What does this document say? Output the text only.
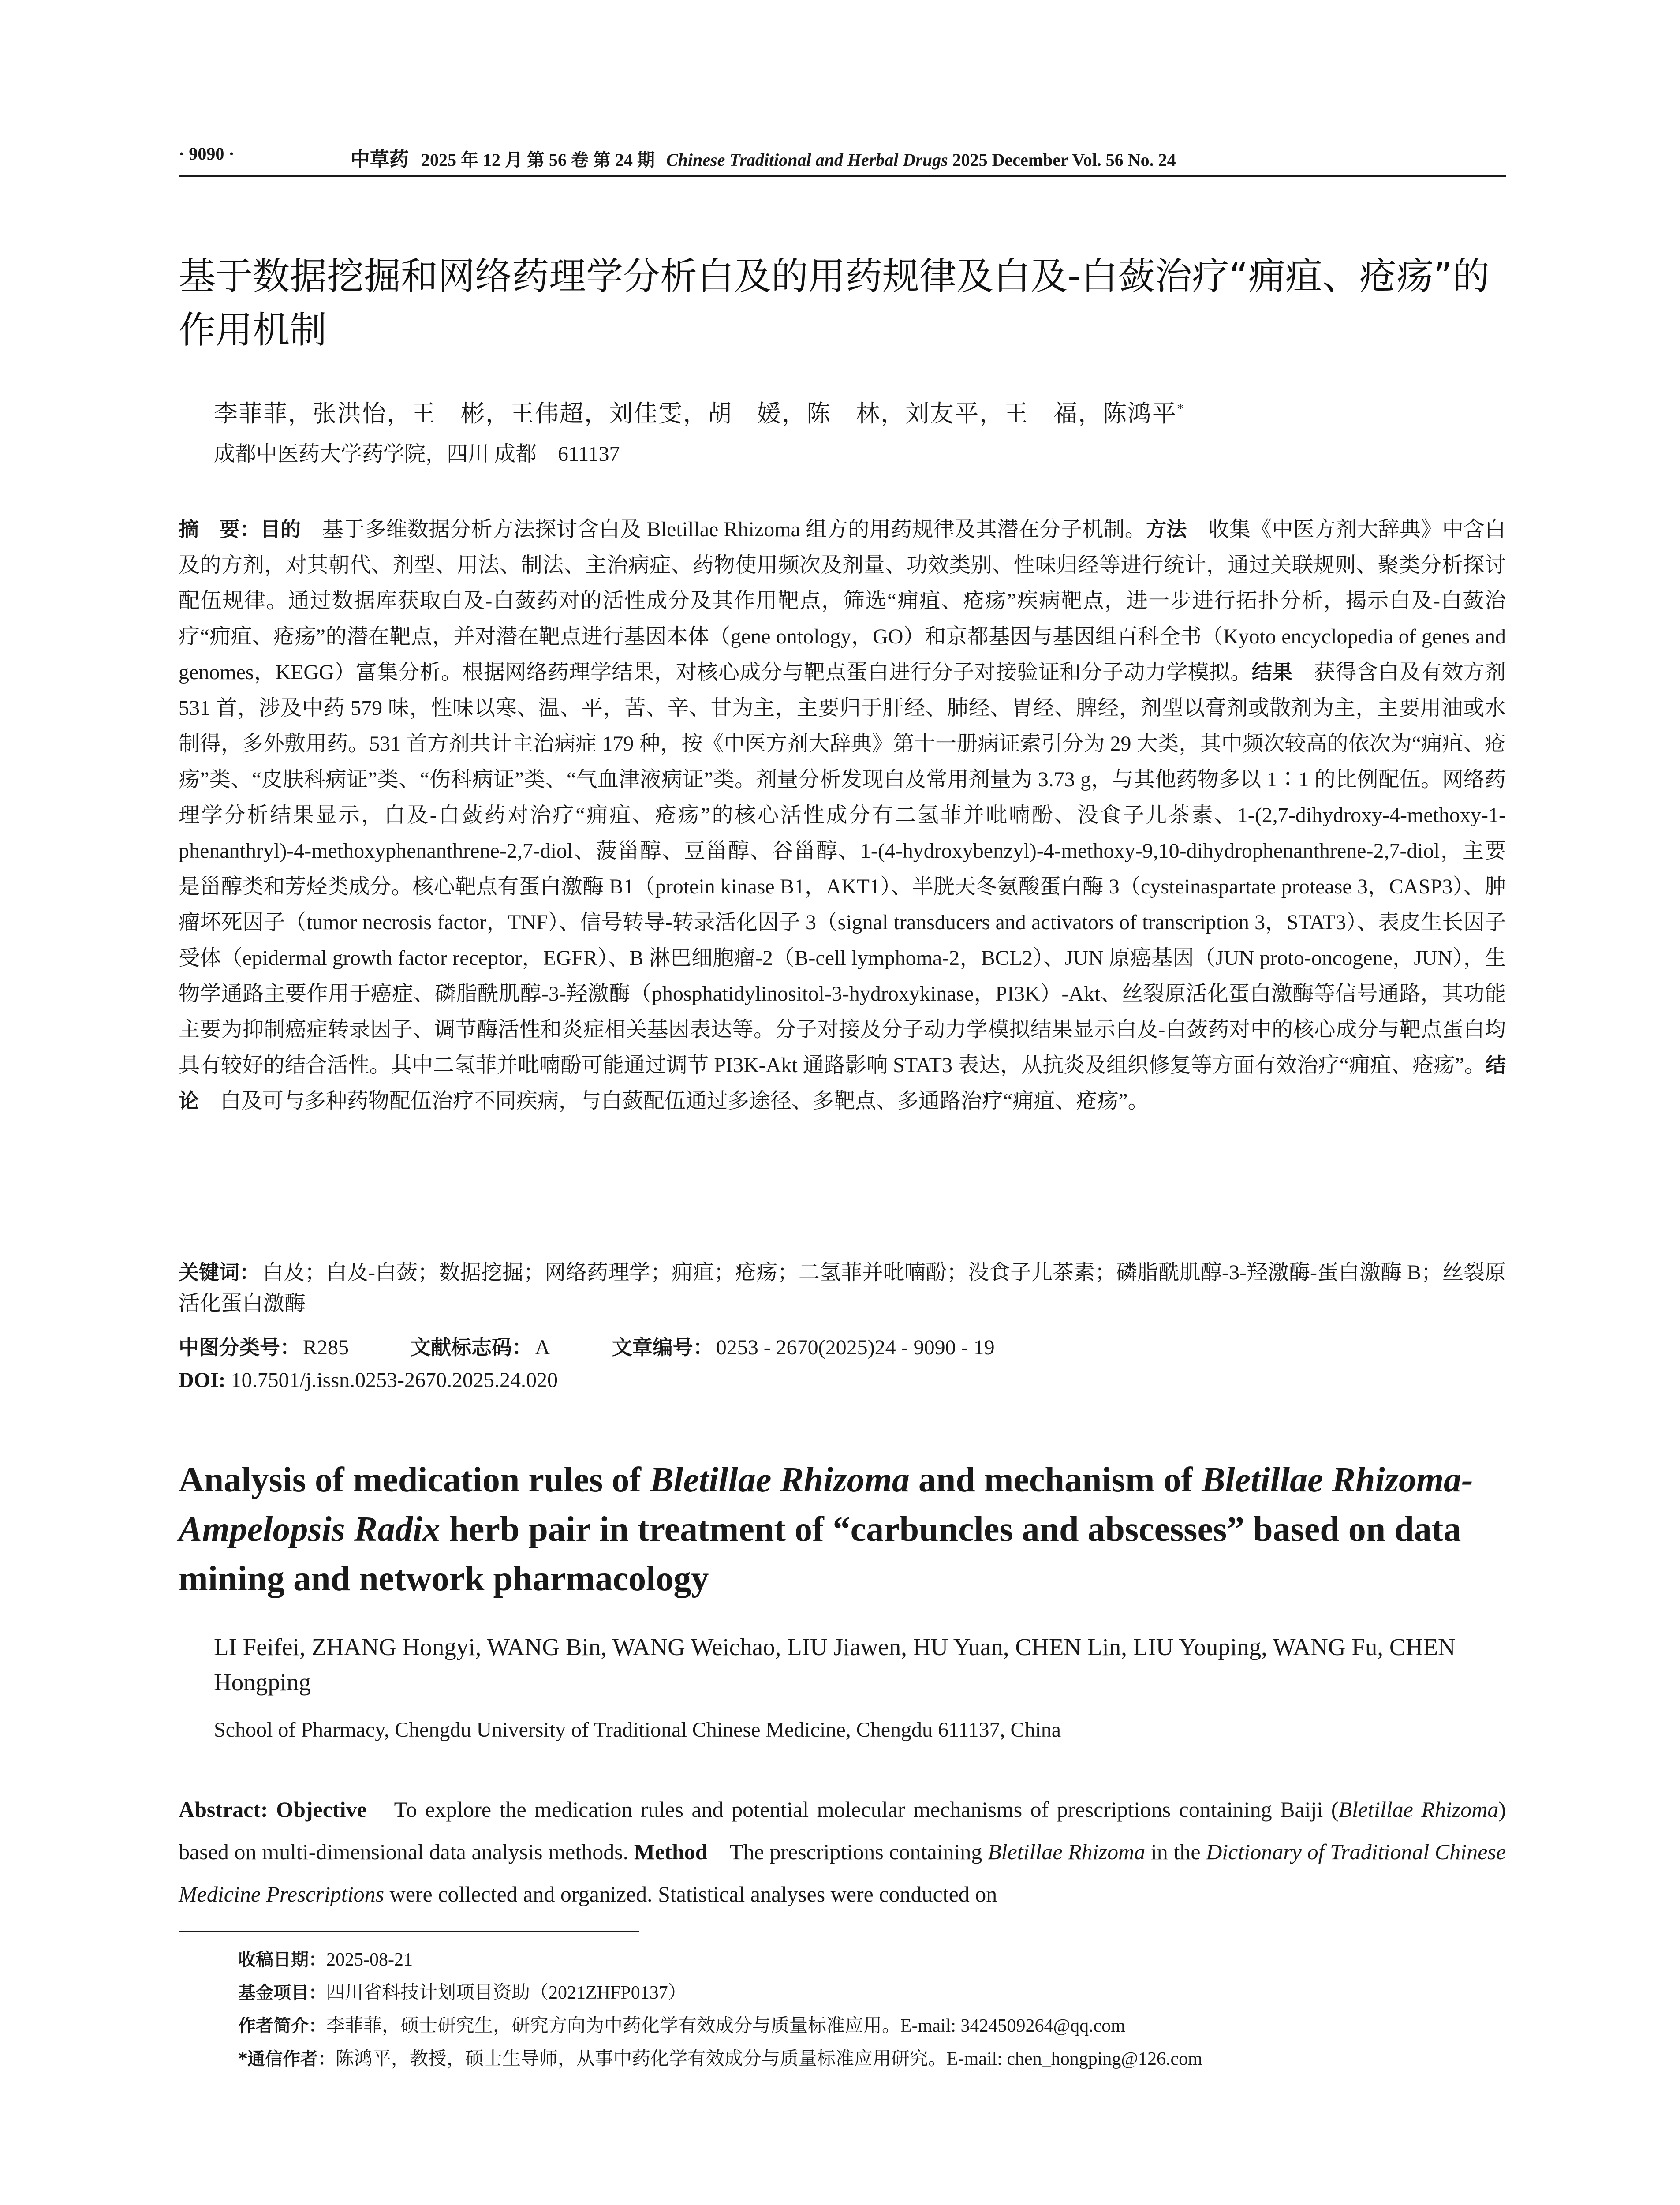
· 9090 ·	中草药 2025 年 12 月 第 56 卷 第 24 期 Chinese Traditional and Herbal Drugs 2025 December Vol. 56 No. 24
基于数据挖掘和网络药理学分析白及的用药规律及白及-白蔹治疗“痈疽、疮疡”的作用机制
李菲菲，张洪怡，王　彬，王伟超，刘佳雯，胡　媛，陈　林，刘友平，王　福，陈鸿平*
成都中医药大学药学院，四川 成都　611137
摘　要：目的　 基于多维数据分析方法探讨含白及 Bletillae Rhizoma 组方的用药规律及其潜在分子机制。方法　 收集《中医方剂大辞典》中含白及的方剂，对其朝代、剂型、用法、制法、主治病症、药物使用频次及剂量、功效类别、性味归经等进行统计，通过关联规则、聚类分析探讨配伍规律。通过数据库获取白及-白蔹药对的活性成分及其作用靶点，筛选“痈疽、疮疡”疾病靶点，进一步进行拓扑分析，揭示白及-白蔹治疗“痈疽、疮疡”的潜在靶点，并对潜在靶点进行基因本体（gene ontology，GO）和京都基因与基因组百科全书（Kyoto encyclopedia of genes and genomes，KEGG）富集分析。根据网络药理学结果，对核心成分与靶点蛋白进行分子对接验证和分子动力学模拟。结果　 获得含白及有效方剂 531 首，涉及中药 579 味，性味以寒、温、平，苦、辛、甘为主，主要归于肝经、肺经、胃经、脾经，剂型以膏剂或散剂为主，主要用油或水制得，多外敷用药。531 首方剂共计主治病症 179 种，按《中医方剂大辞典》第十一册病证索引分为 29 大类，其中频次较高的依次为“痈疽、疮疡”类、“皮肤科病证”类、“伤科病证”类、“气血津液病证”类。剂量分析发现白及常用剂量为 3.73 g，与其他药物多以 1∶1 的比例配伍。网络药理学分析结果显示，白及-白蔹药对治疗“痈疽、疮疡”的核心活性成分有二氢菲并吡喃酚、没食子儿茶素、1-(2,7-dihydroxy-4-methoxy-1-phenanthryl)-4-methoxyphenanthrene-2,7-diol、菠甾醇、豆甾醇、谷甾醇、1-(4-hydroxybenzyl)-4-methoxy-9,10-dihydrophenanthrene-2,7-diol，主要是甾醇类和芳烃类成分。核心靶点有蛋白激酶 B1（protein kinase B1，AKT1）、半胱天冬氨酸蛋白酶 3（cysteinaspartate protease 3，CASP3）、肿瘤坏死因子（tumor necrosis factor，TNF）、信号转导-转录活化因子 3（signal transducers and activators of transcription 3，STAT3）、表皮生长因子受体（epidermal growth factor receptor，EGFR）、B 淋巴细胞瘤-2（B-cell lymphoma-2，BCL2）、JUN 原癌基因（JUN proto-oncogene，JUN），生物学通路主要作用于癌症、磷脂酰肌醇-3-羟激酶（phosphatidylinositol-3-hydroxykinase，PI3K）-Akt、丝裂原活化蛋白激酶等信号通路，其功能主要为抑制癌症转录因子、调节酶活性和炎症相关基因表达等。分子对接及分子动力学模拟结果显示白及-白蔹药对中的核心成分与靶点蛋白均具有较好的结合活性。其中二氢菲并吡喃酚可能通过调节 PI3K-Akt 通路影响 STAT3 表达，从抗炎及组织修复等方面有效治疗“痈疽、疮疡”。结论　 白及可与多种药物配伍治疗不同疾病，与白蔹配伍通过多途径、多靶点、多通路治疗“痈疽、疮疡”。
关键词： 白及；白及-白蔹；数据挖掘；网络药理学；痈疽；疮疡；二氢菲并吡喃酚；没食子儿茶素；磷脂酰肌醇-3-羟激酶-蛋白激酶 B；丝裂原活化蛋白激酶
中图分类号： R285	文献标志码： A	文章编号： 0253 - 2670(2025)24 - 9090 - 19
DOI: 10.7501/j.issn.0253-2670.2025.24.020
Analysis of medication rules of Bletillae Rhizoma and mechanism of Bletillae Rhizoma-Ampelopsis Radix herb pair in treatment of “carbuncles and abscesses” based on data mining and network pharmacology
LI Feifei, ZHANG Hongyi, WANG Bin, WANG Weichao, LIU Jiawen, HU Yuan, CHEN Lin, LIU Youping, WANG Fu, CHEN Hongping
School of Pharmacy, Chengdu University of Traditional Chinese Medicine, Chengdu 611137, China
Abstract: Objective　 To explore the medication rules and potential molecular mechanisms of prescriptions containing Baiji (Bletillae Rhizoma) based on multi-dimensional data analysis methods. Method　 The prescriptions containing Bletillae Rhizoma in the Dictionary of Traditional Chinese Medicine Prescriptions were collected and organized. Statistical analyses were conducted on
收稿日期：2025-08-21
基金项目：四川省科技计划项目资助（2021ZHFP0137）
作者简介：李菲菲，硕士研究生，研究方向为中药化学有效成分与质量标准应用。E-mail: 3424509264@qq.com
*通信作者：陈鸿平，教授，硕士生导师，从事中药化学有效成分与质量标准应用研究。E-mail: chen_hongping@126.com
